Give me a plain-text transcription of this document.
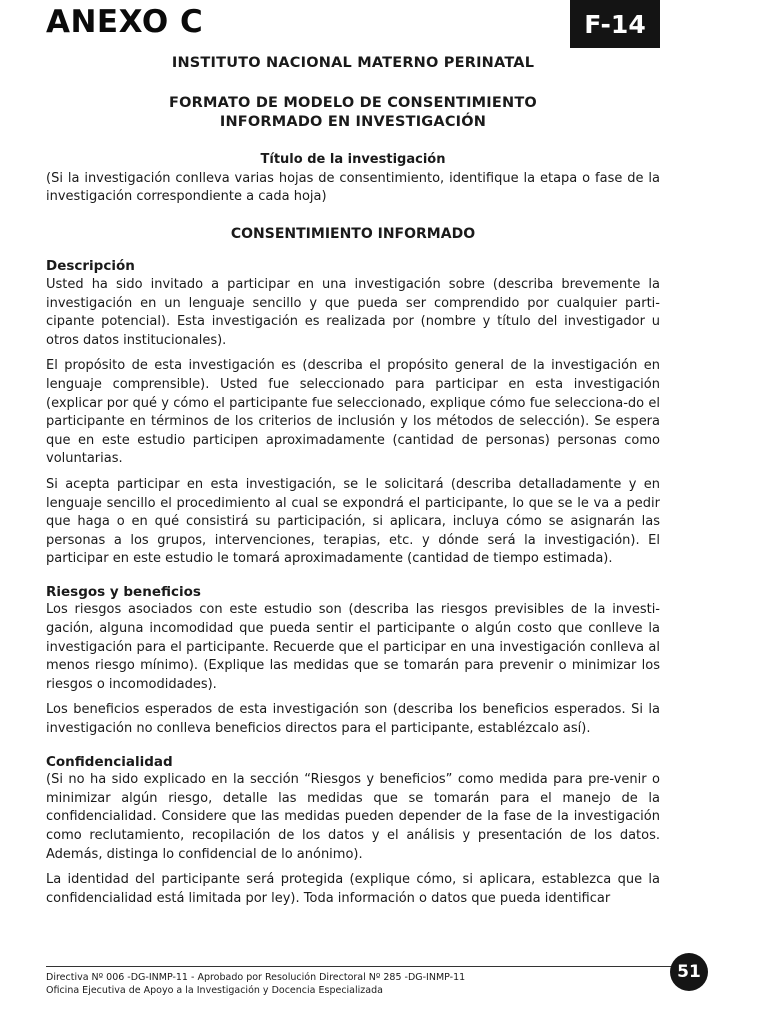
ANEXO C	F-14
INSTITUTO NACIONAL MATERNO PERINATAL
FORMATO DE MODELO DE CONSENTIMIENTO
INFORMADO EN INVESTIGACIÓN
Título de la investigación

(Si la investigación conlleva varias hojas de consentimiento, identifique la etapa o fase de la investigación correspondiente a cada hoja)

CONSENTIMIENTO INFORMADO
Descripción

Usted ha sido invitado a participar en una investigación sobre (describa brevemente la investigación en un lenguaje sencillo y que pueda ser comprendido por cualquier parti-cipante potencial). Esta investigación es realizada por (nombre y título del investigador u otros datos institucionales).

El propósito de esta investigación es (describa el propósito general de la investigación en lenguaje comprensible). Usted fue seleccionado para participar en esta investigación (explicar por qué y cómo el participante fue seleccionado, explique cómo fue selecciona-do el participante en términos de los criterios de inclusión y los métodos de selección). Se espera que en este estudio participen aproximadamente (cantidad de personas) personas como voluntarias.

Si acepta participar en esta investigación, se le solicitará (describa detalladamente y en lenguaje sencillo el procedimiento al cual se expondrá el participante, lo que se le va a pedir que haga o en qué consistirá su participación, si aplicara, incluya cómo se asignarán las personas a los grupos, intervenciones, terapias, etc. y dónde será la investigación). El participar en este estudio le tomará aproximadamente (cantidad de tiempo estimada).

Riesgos y beneficios

Los riesgos asociados con este estudio son (describa las riesgos previsibles de la investi-gación, alguna incomodidad que pueda sentir el participante o algún costo que conlleve la investigación para el participante. Recuerde que el participar en una investigación conlleva al menos riesgo mínimo). (Explique las medidas que se tomarán para prevenir o minimizar los riesgos o incomodidades).

Los beneficios esperados de esta investigación son (describa los beneficios esperados. Si la investigación no conlleva beneficios directos para el participante, establézcalo así).

Confidencialidad

(Si no ha sido explicado en la sección “Riesgos y beneficios” como medida para pre-venir o minimizar algún riesgo, detalle las medidas que se tomarán para el manejo de la confidencialidad. Considere que las medidas pueden depender de la fase de la investigación como reclutamiento, recopilación de los datos y el análisis y presentación de los datos. Además, distinga lo confidencial de lo anónimo).

La identidad del participante será protegida (explique cómo, si aplicara, establezca que la confidencialidad está limitada por ley). Toda información o datos que pueda identificar

51
Directiva Nº 006 -DG-INMP-11 - Aprobado por Resolución Directoral Nº 285 -DG-INMP-11
Oficina Ejecutiva de Apoyo a la Investigación y Docencia Especializada
